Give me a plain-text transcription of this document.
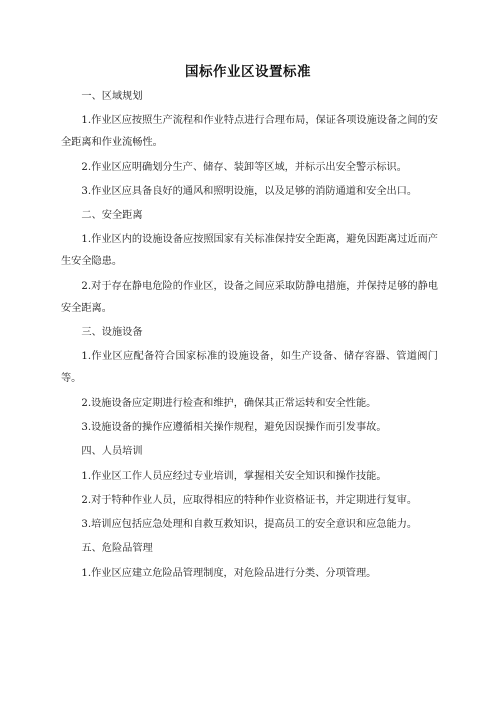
国标作业区设置标准

一、区域规划

1.作业区应按照生产流程和作业特点进行合理布局，保证各项设施设备之间的安全距离和作业流畅性。

2.作业区应明确划分生产、储存、装卸等区域，并标示出安全警示标识。

3.作业区应具备良好的通风和照明设施，以及足够的消防通道和安全出口。

二、安全距离

1.作业区内的设施设备应按照国家有关标准保持安全距离，避免因距离过近而产生安全隐患。

2.对于存在静电危险的作业区，设备之间应采取防静电措施，并保持足够的静电安全距离。

三、设施设备

1.作业区应配备符合国家标准的设施设备，如生产设备、储存容器、管道阀门等。

2.设施设备应定期进行检查和维护，确保其正常运转和安全性能。

3.设施设备的操作应遵循相关操作规程，避免因误操作而引发事故。

四、人员培训

1.作业区工作人员应经过专业培训，掌握相关安全知识和操作技能。

2.对于特种作业人员，应取得相应的特种作业资格证书，并定期进行复审。

3.培训应包括应急处理和自救互救知识，提高员工的安全意识和应急能力。

五、危险品管理

1.作业区应建立危险品管理制度，对危险品进行分类、分项管理。
